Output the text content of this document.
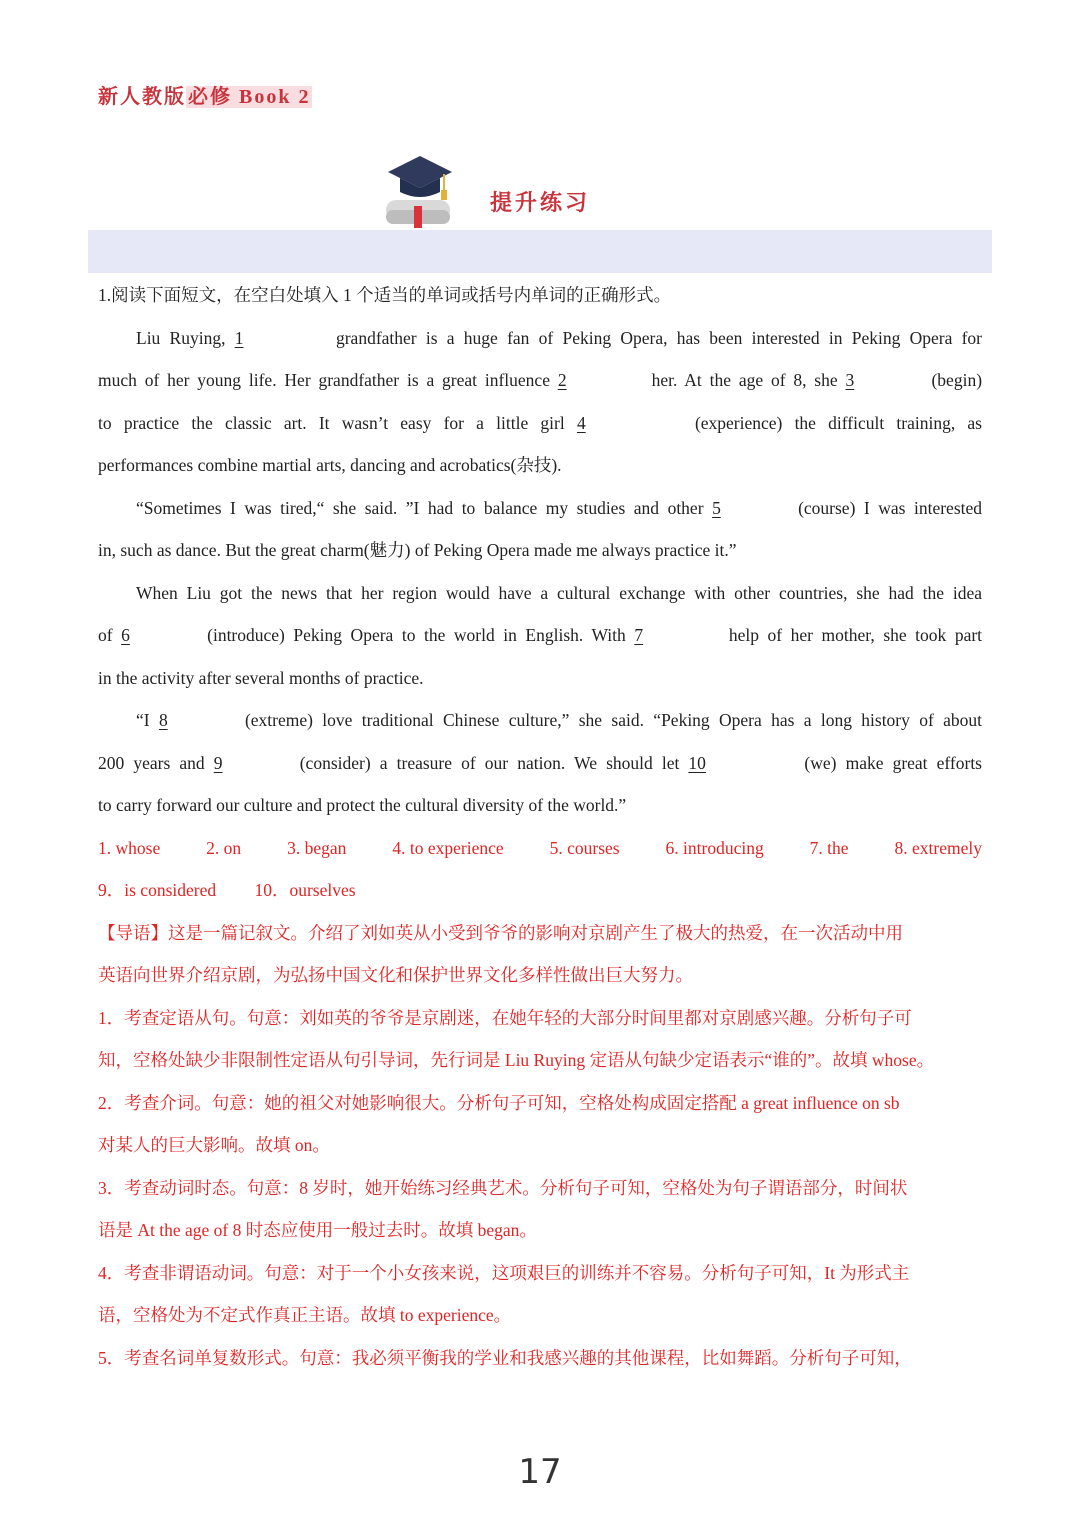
新人教版 必修 Book 2
提升练习
1.阅读下面短文，在空白处填入 1 个适当的单词或括号内单词的正确形式。
Liu Ruying, 1	grandfather is a huge fan of Peking Opera, has been interested in Peking Opera for
much of her young life. Her grandfather is a great influence 2	her. At the age of 8, she 3	(begin)
to practice the classic art. It wasn’t easy for a little girl 4	(experience) the difficult training, as
performances combine martial arts, dancing and acrobatics(杂技).
“Sometimes I was tired,“ she said. ”I had to balance my studies and other 5	(course) I was interested
in, such as dance. But the great charm(魅力) of Peking Opera made me always practice it.”
When Liu got the news that her region would have a cultural exchange with other countries, she had the idea
of 6	(introduce) Peking Opera to the world in English. With 7	help of her mother, she took part
in the activity after several months of practice.
“I 8	(extreme) love traditional Chinese culture,” she said. “Peking Opera has a long history of about
200 years and 9	(consider) a treasure of our nation. We should let 10	(we) make great efforts
to carry forward our culture and protect the cultural diversity of the world.”
1. whose	2. on	3. began	4. to experience	5. courses	6. introducing	7. the	8. extremely
9．is considered 10．ourselves
【导语】这是一篇记叙文。介绍了刘如英从小受到爷爷的影响对京剧产生了极大的热爱，在一次活动中用
英语向世界介绍京剧，为弘扬中国文化和保护世界文化多样性做出巨大努力。
1．考查定语从句。句意：刘如英的爷爷是京剧迷，在她年轻的大部分时间里都对京剧感兴趣。分析句子可
知，空格处缺少非限制性定语从句引导词，先行词是 Liu Ruying 定语从句缺少定语表示“谁的”。故填 whose。
2．考查介词。句意：她的祖父对她影响很大。分析句子可知，空格处构成固定搭配 a great influence on sb
对某人的巨大影响。故填 on。
3．考查动词时态。句意：8 岁时，她开始练习经典艺术。分析句子可知，空格处为句子谓语部分，时间状
语是 At the age of 8 时态应使用一般过去时。故填 began。
4．考查非谓语动词。句意：对于一个小女孩来说，这项艰巨的训练并不容易。分析句子可知，It 为形式主
语，空格处为不定式作真正主语。故填 to experience。
5．考查名词单复数形式。句意：我必须平衡我的学业和我感兴趣的其他课程，比如舞蹈。分析句子可知，
17
